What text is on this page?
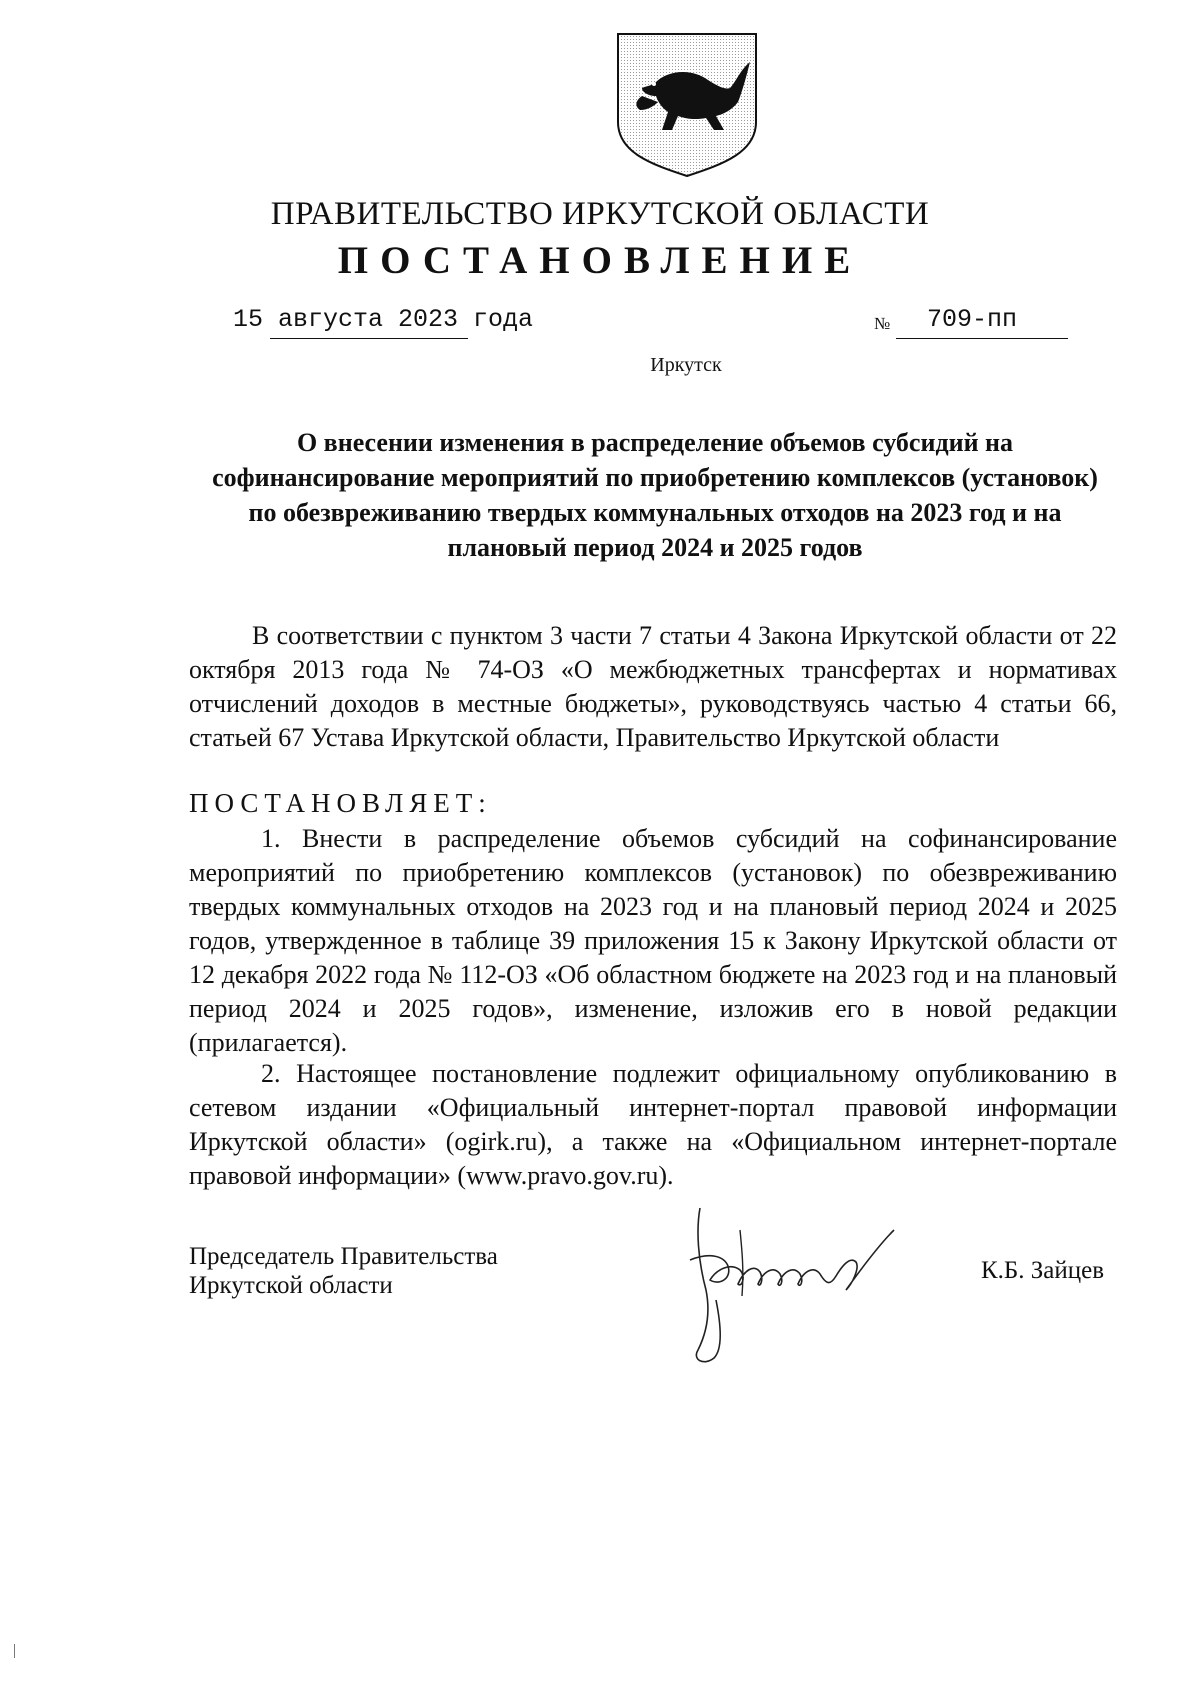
ПРАВИТЕЛЬСТВО ИРКУТСКОЙ ОБЛАСТИ
ПОСТАНОВЛЕНИЕ
15 августа 2023 года	№ 709-пп
Иркутск
О внесении изменения в распределение объемов субсидий на софинансирование мероприятий по приобретению комплексов (установок) по обезвреживанию твердых коммунальных отходов на 2023 год и на плановый период 2024 и 2025 годов
В соответствии с пунктом 3 части 7 статьи 4 Закона Иркутской области от 22 октября 2013 года № 74-ОЗ «О межбюджетных трансфертах и нормативах отчислений доходов в местные бюджеты», руководствуясь частью 4 статьи 66, статьей 67 Устава Иркутской области, Правительство Иркутской области
ПОСТАНОВЛЯЕТ:
1. Внести в распределение объемов субсидий на софинансирование мероприятий по приобретению комплексов (установок) по обезвреживанию твердых коммунальных отходов на 2023 год и на плановый период 2024 и 2025 годов, утвержденное в таблице 39 приложения 15 к Закону Иркутской области от 12 декабря 2022 года № 112-ОЗ «Об областном бюджете на 2023 год и на плановый период 2024 и 2025 годов», изменение, изложив его в новой редакции (прилагается).
2. Настоящее постановление подлежит официальному опубликованию в сетевом издании «Официальный интернет-портал правовой информации Иркутской области» (ogirk.ru), а также на «Официальном интернет-портале правовой информации» (www.pravo.gov.ru).
Председатель Правительства
Иркутской области
К.Б. Зайцев
